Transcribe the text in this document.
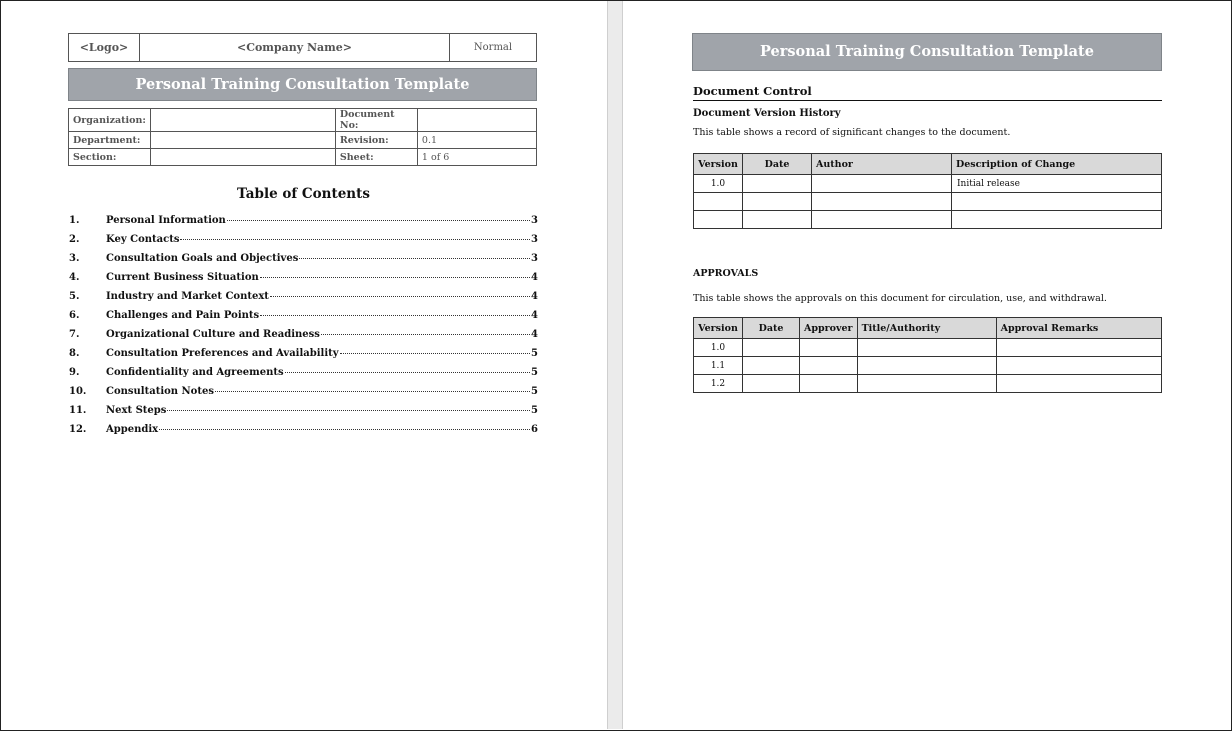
<Logo>	<Company Name>	Normal
Personal Training Consultation Template
Organization:		Document No:	
Department:		Revision:	0.1
Section:		Sheet:	1 of 6
Table of Contents
1.	Personal Information	3
2.	Key Contacts	3
3.	Consultation Goals and Objectives	3
4.	Current Business Situation	4
5.	Industry and Market Context	4
6.	Challenges and Pain Points	4
7.	Organizational Culture and Readiness	4
8.	Consultation Preferences and Availability	5
9.	Confidentiality and Agreements	5
10.	Consultation Notes	5
11.	Next Steps	5
12.	Appendix	6
Personal Training Consultation Template
Document Control
Document Version History
This table shows a record of significant changes to the document.
Version	Date	Author	Description of Change
1.0			Initial release

APPROVALS
This table shows the approvals on this document for circulation, use, and withdrawal.
Version	Date	Approver	Title/Authority	Approval Remarks
1.0				
1.1				
1.2				
